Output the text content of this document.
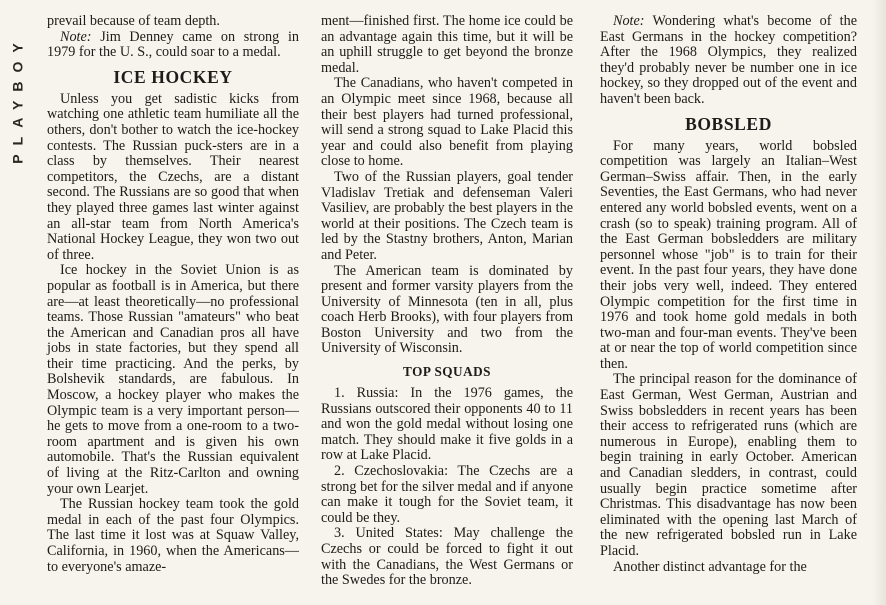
PLAYBOY

prevail because of team depth.

Note: Jim Denney came on strong in 1979 for the U. S., could soar to a medal.

ICE HOCKEY

Unless you get sadistic kicks from watching one athletic team humiliate all the others, don't bother to watch the ice-hockey contests. The Russian puck-sters are in a class by themselves. Their nearest competitors, the Czechs, are a distant second. The Russians are so good that when they played three games last winter against an all-star team from North America's National Hockey League, they won two out of three.

Ice hockey in the Soviet Union is as popular as football is in America, but there are—at least theoretically—no professional teams. Those Russian "amateurs" who beat the American and Canadian pros all have jobs in state factories, but they spend all their time practicing. And the perks, by Bolshevik standards, are fabulous. In Moscow, a hockey player who makes the Olympic team is a very important person—he gets to move from a one-room to a two-room apartment and is given his own automobile. That's the Russian equivalent of living at the Ritz-Carlton and owning your own Learjet.

The Russian hockey team took the gold medal in each of the past four Olympics. The last time it lost was at Squaw Valley, California, in 1960, when the Americans—to everyone's amaze-

ment—finished first. The home ice could be an advantage again this time, but it will be an uphill struggle to get beyond the bronze medal.

The Canadians, who haven't competed in an Olympic meet since 1968, because all their best players had turned professional, will send a strong squad to Lake Placid this year and could also benefit from playing close to home.

Two of the Russian players, goal tender Vladislav Tretiak and defenseman Valeri Vasiliev, are probably the best players in the world at their positions. The Czech team is led by the Stastny brothers, Anton, Marian and Peter.

The American team is dominated by present and former varsity players from the University of Minnesota (ten in all, plus coach Herb Brooks), with four players from Boston University and two from the University of Wisconsin.

TOP SQUADS

1. Russia: In the 1976 games, the Russians outscored their opponents 40 to 11 and won the gold medal without losing one match. They should make it five golds in a row at Lake Placid.

2. Czechoslovakia: The Czechs are a strong bet for the silver medal and if anyone can make it tough for the Soviet team, it could be they.

3. United States: May challenge the Czechs or could be forced to fight it out with the Canadians, the West Germans or the Swedes for the bronze.

Note: Wondering what's become of the East Germans in the hockey competition? After the 1968 Olympics, they realized they'd probably never be number one in ice hockey, so they dropped out of the event and haven't been back.

BOBSLED

For many years, world bobsled competition was largely an Italian–West German–Swiss affair. Then, in the early Seventies, the East Germans, who had never entered any world bobsled events, went on a crash (so to speak) training program. All of the East German bobsledders are military personnel whose "job" is to train for their event. In the past four years, they have done their jobs very well, indeed. They entered Olympic competition for the first time in 1976 and took home gold medals in both two-man and four-man events. They've been at or near the top of world competition since then.

The principal reason for the dominance of East German, West German, Austrian and Swiss bobsledders in recent years has been their access to refrigerated runs (which are numerous in Europe), enabling them to begin training in early October. American and Canadian sledders, in contrast, could usually begin practice sometime after Christmas. This disadvantage has now been eliminated with the opening last March of the new refrigerated bobsled run in Lake Placid.

Another distinct advantage for the
